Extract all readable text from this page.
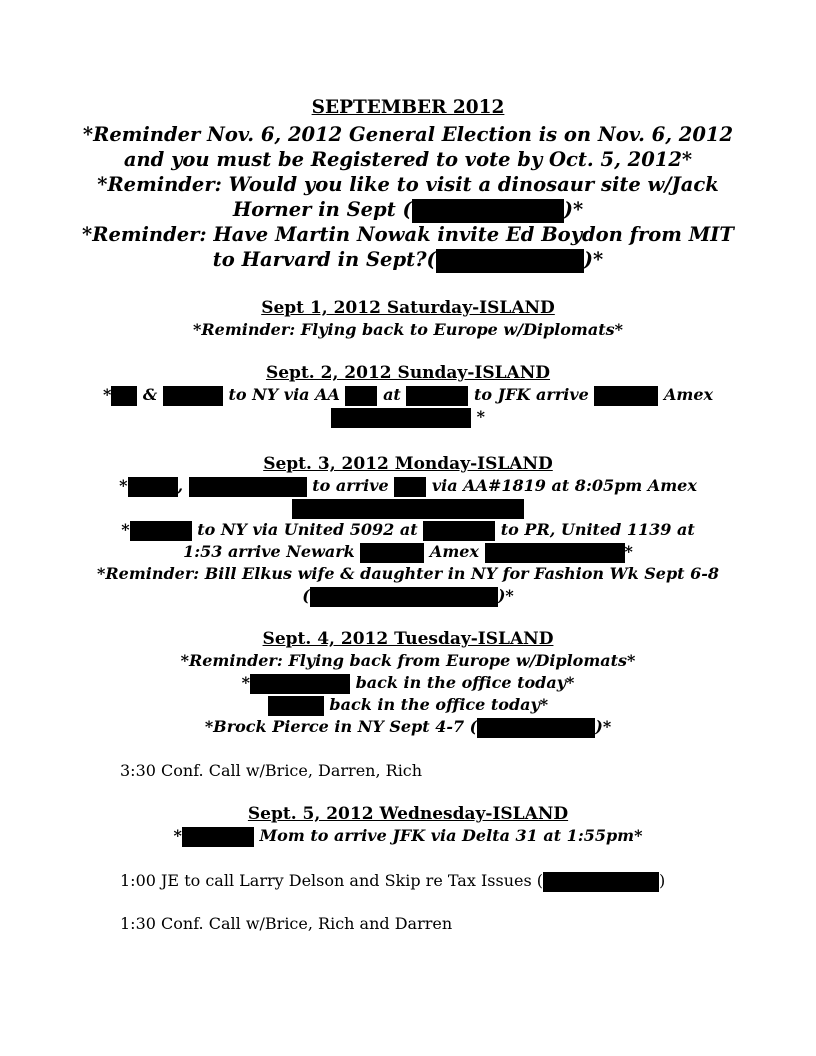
SEPTEMBER 2012
*Reminder Nov. 6, 2012 General Election is on Nov. 6, 2012
and you must be Registered to vote by Oct. 5, 2012*
*Reminder: Would you like to visit a dinosaur site w/Jack
Horner in Sept (	)*
*Reminder: Have Martin Nowak invite Ed Boydon from MIT
to Harvard in Sept?(	)*
Sept 1, 2012 Saturday-ISLAND
*Reminder: Flying back to Europe w/Diplomats*
Sept. 2, 2012 Sunday-ISLAND
* &	to NY via AA	at	to JFK arrive	Amex
*
Sept. 3, 2012 Monday-ISLAND
*	,	to arrive	via AA#1819 at 8:05pm Amex
*	to NY via United 5092 at	to PR, United 1139 at
1:53 arrive Newark	Amex	*
*Reminder: Bill Elkus wife & daughter in NY for Fashion Wk Sept 6-8
(	)*
Sept. 4, 2012 Tuesday-ISLAND
*Reminder: Flying back from Europe w/Diplomats*
*	back in the office today*
back in the office today*
*Brock Pierce in NY Sept 4-7 (	)*
3:30 Conf. Call w/Brice, Darren, Rich
Sept. 5, 2012 Wednesday-ISLAND
*	Mom to arrive JFK via Delta 31 at 1:55pm*
1:00 JE to call Larry Delson and Skip re Tax Issues (	)
1:30 Conf. Call w/Brice, Rich and Darren
